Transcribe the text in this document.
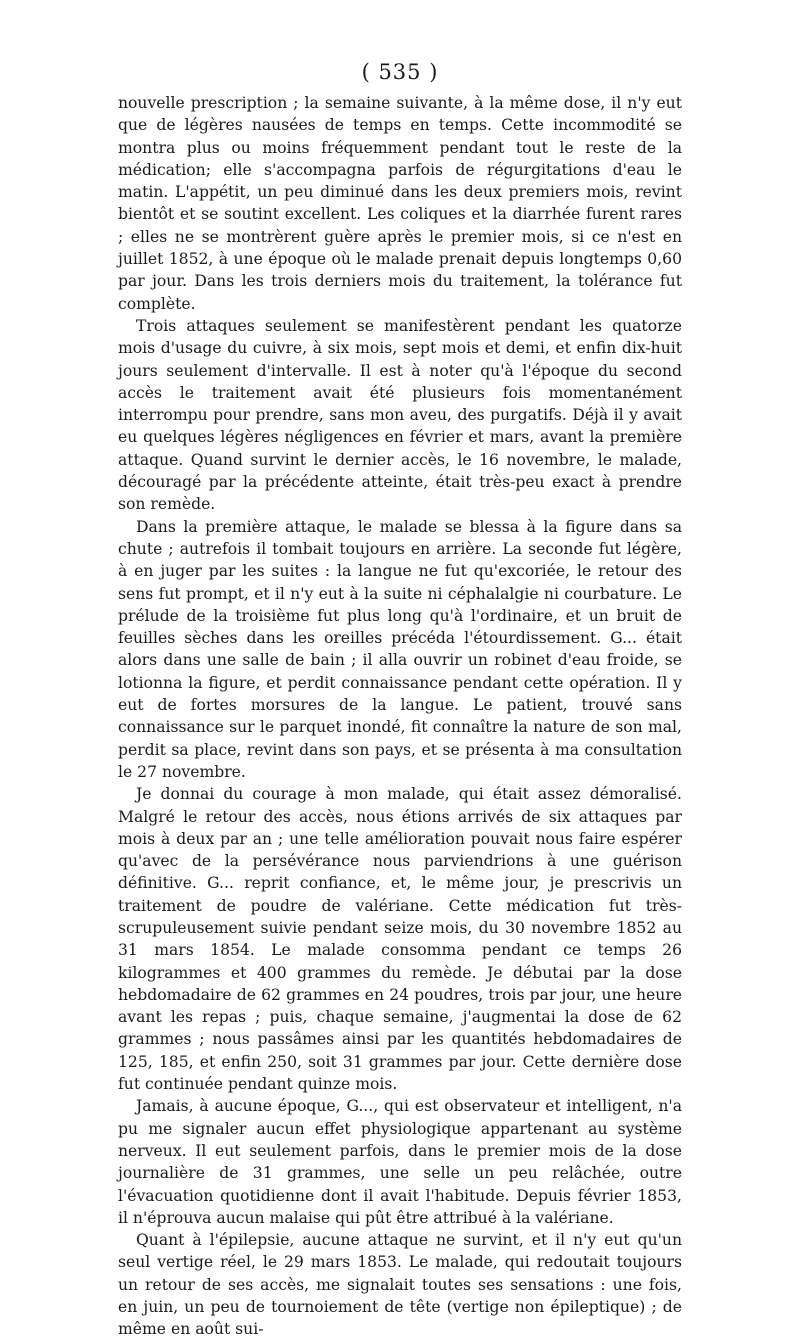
( 535 )

nouvelle prescription ; la semaine suivante, à la même dose, il n'y eut que de légères nausées de temps en temps. Cette incommodité se montra plus ou moins fréquemment pendant tout le reste de la médication; elle s'accompagna parfois de régurgitations d'eau le matin. L'appétit, un peu diminué dans les deux premiers mois, revint bientôt et se soutint excellent. Les coliques et la diarrhée furent rares ; elles ne se montrèrent guère après le premier mois, si ce n'est en juillet 1852, à une époque où le malade prenait depuis longtemps 0,60 par jour. Dans les trois derniers mois du traitement, la tolérance fut complète.

Trois attaques seulement se manifestèrent pendant les quatorze mois d'usage du cuivre, à six mois, sept mois et demi, et enfin dix-huit jours seulement d'intervalle. Il est à noter qu'à l'époque du second accès le traitement avait été plusieurs fois momentanément interrompu pour prendre, sans mon aveu, des purgatifs. Déjà il y avait eu quelques légères négligences en février et mars, avant la première attaque. Quand survint le dernier accès, le 16 novembre, le malade, découragé par la précédente atteinte, était très-peu exact à prendre son remède.

Dans la première attaque, le malade se blessa à la figure dans sa chute ; autrefois il tombait toujours en arrière. La seconde fut légère, à en juger par les suites : la langue ne fut qu'excoriée, le retour des sens fut prompt, et il n'y eut à la suite ni céphalalgie ni courbature. Le prélude de la troisième fut plus long qu'à l'ordinaire, et un bruit de feuilles sèches dans les oreilles précéda l'étourdissement. G... était alors dans une salle de bain ; il alla ouvrir un robinet d'eau froide, se lotionna la figure, et perdit connaissance pendant cette opération. Il y eut de fortes morsures de la langue. Le patient, trouvé sans connaissance sur le parquet inondé, fit connaître la nature de son mal, perdit sa place, revint dans son pays, et se présenta à ma consultation le 27 novembre.

Je donnai du courage à mon malade, qui était assez démoralisé. Malgré le retour des accès, nous étions arrivés de six attaques par mois à deux par an ; une telle amélioration pouvait nous faire espérer qu'avec de la persévérance nous parviendrions à une guérison définitive. G... reprit confiance, et, le même jour, je prescrivis un traitement de poudre de valériane. Cette médication fut très-scrupuleusement suivie pendant seize mois, du 30 novembre 1852 au 31 mars 1854. Le malade consomma pendant ce temps 26 kilogrammes et 400 grammes du remède. Je débutai par la dose hebdomadaire de 62 grammes en 24 poudres, trois par jour, une heure avant les repas ; puis, chaque semaine, j'augmentai la dose de 62 grammes ; nous passâmes ainsi par les quantités hebdomadaires de 125, 185, et enfin 250, soit 31 grammes par jour. Cette dernière dose fut continuée pendant quinze mois.

Jamais, à aucune époque, G..., qui est observateur et intelligent, n'a pu me signaler aucun effet physiologique appartenant au système nerveux. Il eut seulement parfois, dans le premier mois de la dose journalière de 31 grammes, une selle un peu relâchée, outre l'évacuation quotidienne dont il avait l'habitude. Depuis février 1853, il n'éprouva aucun malaise qui pût être attribué à la valériane.

Quant à l'épilepsie, aucune attaque ne survint, et il n'y eut qu'un seul vertige réel, le 29 mars 1853. Le malade, qui redoutait toujours un retour de ses accès, me signalait toutes ses sensations : une fois, en juin, un peu de tournoiement de tête (vertige non épileptique) ; de même en août sui-
